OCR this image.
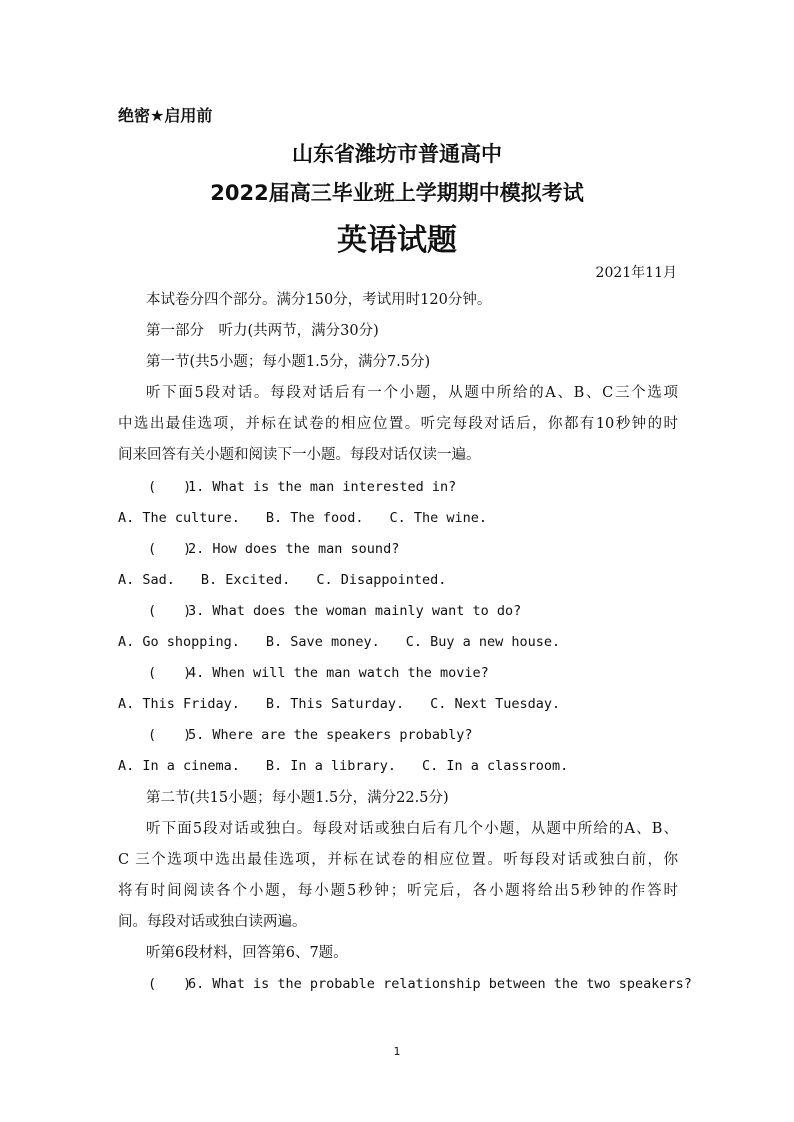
绝密★启用前
山东省潍坊市普通高中
2022届高三毕业班上学期期中模拟考试
英语试题
2021年11月
本试卷分四个部分。满分150分，考试用时120分钟。
第一部分　听力(共两节，满分30分)
第一节(共5小题；每小题1.5分，满分7.5分)
听下面5段对话。每段对话后有一个小题，从题中所给的A、B、C三个选项
中选出最佳选项，并标在试卷的相应位置。听完每段对话后，你都有10秒钟的时
间来回答有关小题和阅读下一小题。每段对话仅读一遍。
(　　)1. What is the man interested in?
A. The culture. B. The food. C. The wine.
(　　)2. How does the man sound?
A. Sad. B. Excited. C. Disappointed.
(　　)3. What does the woman mainly want to do?
A. Go shopping. B. Save money. C. Buy a new house.
(　　)4. When will the man watch the movie?
A. This Friday. B. This Saturday. C. Next Tuesday.
(　　)5. Where are the speakers probably?
A. In a cinema. B. In a library. C. In a classroom.
第二节(共15小题；每小题1.5分，满分22.5分)
听下面5段对话或独白。每段对话或独白后有几个小题，从题中所给的A、B、
C 三个选项中选出最佳选项，并标在试卷的相应位置。听每段对话或独白前，你
将有时间阅读各个小题，每小题5秒钟；听完后，各小题将给出5秒钟的作答时
间。每段对话或独白读两遍。
听第6段材料，回答第6、7题。
(　　)6. What is the probable relationship between the two speakers?
1
